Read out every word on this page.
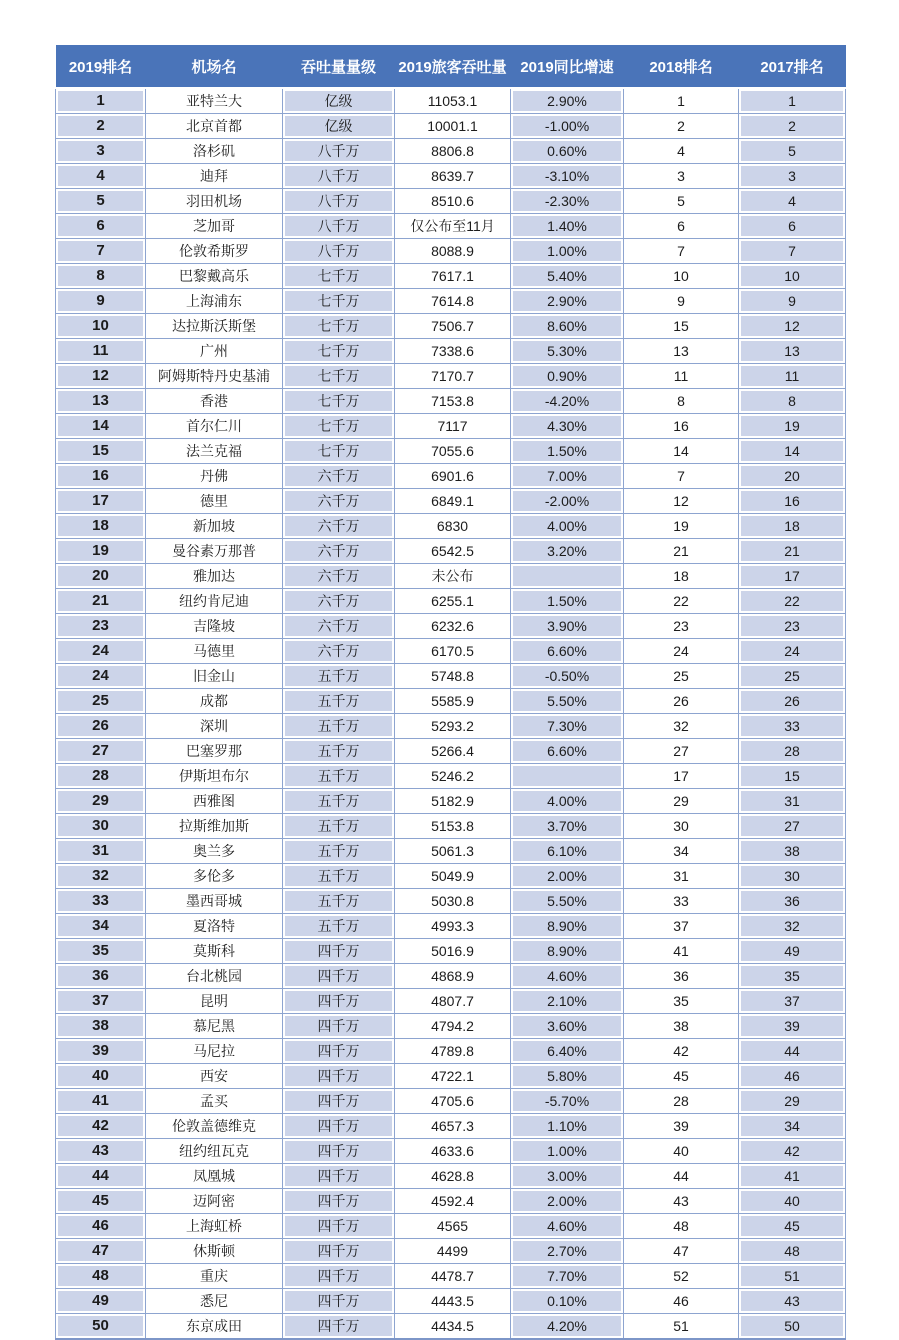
2019排名	机场名	吞吐量量级	2019旅客吞吐量	2019同比增速	2018排名	2017排名
1	亚特兰大	亿级	11053.1	2.90%	1	1
2	北京首都	亿级	10001.1	-1.00%	2	2
3	洛杉矶	八千万	8806.8	0.60%	4	5
4	迪拜	八千万	8639.7	-3.10%	3	3
5	羽田机场	八千万	8510.6	-2.30%	5	4
6	芝加哥	八千万	仅公布至11月	1.40%	6	6
7	伦敦希斯罗	八千万	8088.9	1.00%	7	7
8	巴黎戴高乐	七千万	7617.1	5.40%	10	10
9	上海浦东	七千万	7614.8	2.90%	9	9
10	达拉斯沃斯堡	七千万	7506.7	8.60%	15	12
11	广州	七千万	7338.6	5.30%	13	13
12	阿姆斯特丹史基浦	七千万	7170.7	0.90%	11	11
13	香港	七千万	7153.8	-4.20%	8	8
14	首尔仁川	七千万	7117	4.30%	16	19
15	法兰克福	七千万	7055.6	1.50%	14	14
16	丹佛	六千万	6901.6	7.00%	7	20
17	德里	六千万	6849.1	-2.00%	12	16
18	新加坡	六千万	6830	4.00%	19	18
19	曼谷素万那普	六千万	6542.5	3.20%	21	21
20	雅加达	六千万	未公布		18	17
21	纽约肯尼迪	六千万	6255.1	1.50%	22	22
23	吉隆坡	六千万	6232.6	3.90%	23	23
24	马德里	六千万	6170.5	6.60%	24	24
24	旧金山	五千万	5748.8	-0.50%	25	25
25	成都	五千万	5585.9	5.50%	26	26
26	深圳	五千万	5293.2	7.30%	32	33
27	巴塞罗那	五千万	5266.4	6.60%	27	28
28	伊斯坦布尔	五千万	5246.2		17	15
29	西雅图	五千万	5182.9	4.00%	29	31
30	拉斯维加斯	五千万	5153.8	3.70%	30	27
31	奥兰多	五千万	5061.3	6.10%	34	38
32	多伦多	五千万	5049.9	2.00%	31	30
33	墨西哥城	五千万	5030.8	5.50%	33	36
34	夏洛特	五千万	4993.3	8.90%	37	32
35	莫斯科	四千万	5016.9	8.90%	41	49
36	台北桃园	四千万	4868.9	4.60%	36	35
37	昆明	四千万	4807.7	2.10%	35	37
38	慕尼黑	四千万	4794.2	3.60%	38	39
39	马尼拉	四千万	4789.8	6.40%	42	44
40	西安	四千万	4722.1	5.80%	45	46
41	孟买	四千万	4705.6	-5.70%	28	29
42	伦敦盖德维克	四千万	4657.3	1.10%	39	34
43	纽约纽瓦克	四千万	4633.6	1.00%	40	42
44	凤凰城	四千万	4628.8	3.00%	44	41
45	迈阿密	四千万	4592.4	2.00%	43	40
46	上海虹桥	四千万	4565	4.60%	48	45
47	休斯顿	四千万	4499	2.70%	47	48
48	重庆	四千万	4478.7	7.70%	52	51
49	悉尼	四千万	4443.5	0.10%	46	43
50	东京成田	四千万	4434.5	4.20%	51	50
